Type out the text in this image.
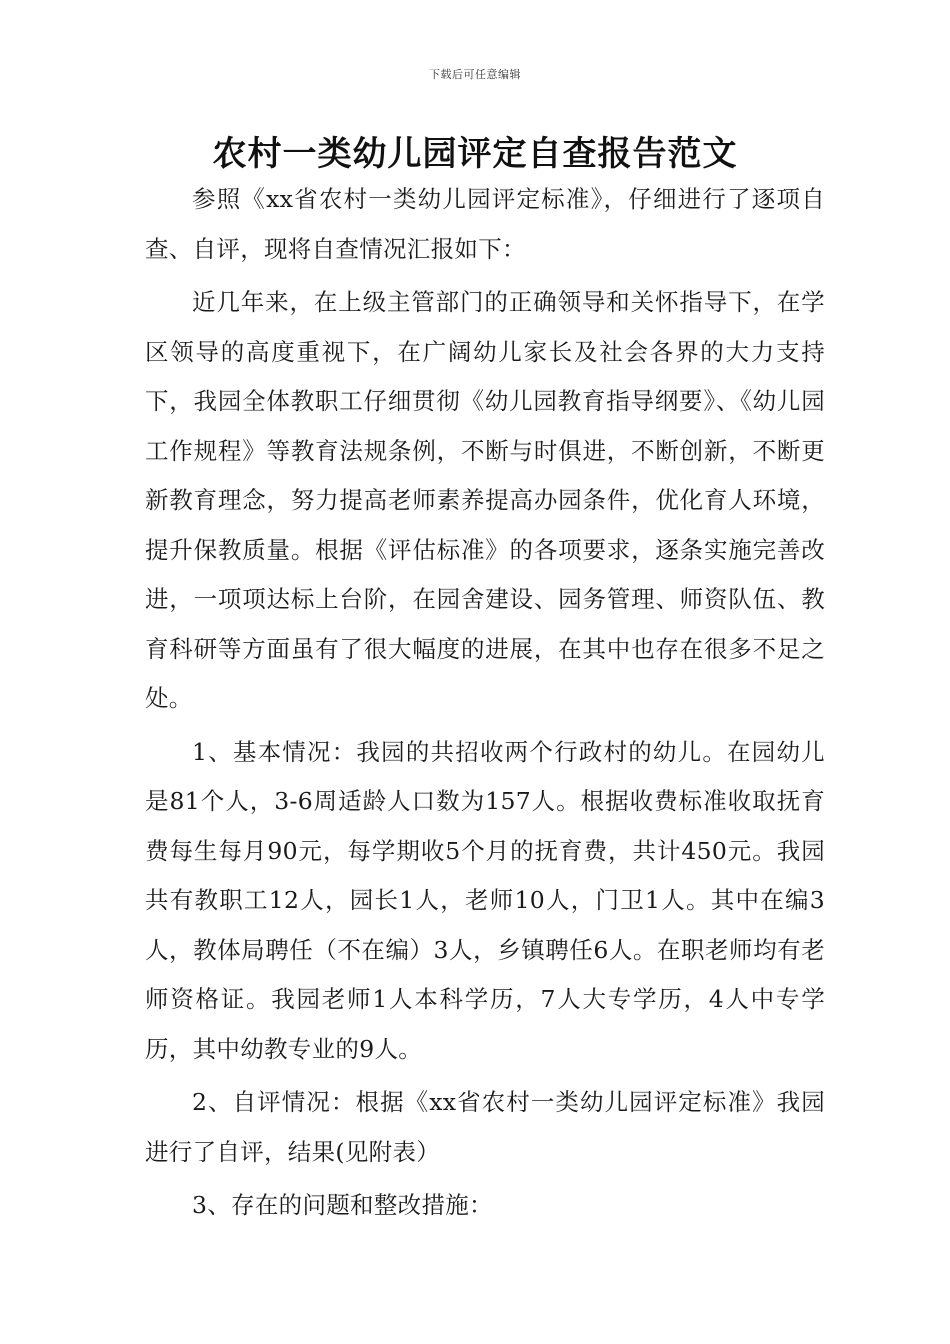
下载后可任意编辑
农村一类幼儿园评定自查报告范文

参照《xx省农村一类幼儿园评定标准》，仔细进行了逐项自查、自评，现将自查情况汇报如下：

近几年来，在上级主管部门的正确领导和关怀指导下，在学区领导的高度重视下，在广阔幼儿家长及社会各界的大力支持下，我园全体教职工仔细贯彻《幼儿园教育指导纲要》、《幼儿园工作规程》等教育法规条例，不断与时俱进，不断创新，不断更新教育理念，努力提高老师素养提高办园条件，优化育人环境，提升保教质量。根据《评估标准》的各项要求，逐条实施完善改进，一项项达标上台阶，在园舍建设、园务管理、师资队伍、教育科研等方面虽有了很大幅度的进展，在其中也存在很多不足之处。

1、基本情况：我园的共招收两个行政村的幼儿。在园幼儿是81个人，3-6周适龄人口数为157人。根据收费标准收取抚育费每生每月90元，每学期收5个月的抚育费，共计450元。我园共有教职工12人，园长1人，老师10人，门卫1人。其中在编3人，教体局聘任（不在编）3人，乡镇聘任6人。在职老师均有老师资格证。我园老师1人本科学历，7人大专学历，4人中专学历，其中幼教专业的9人。

2、自评情况：根据《xx省农村一类幼儿园评定标准》我园进行了自评，结果(见附表）

3、存在的问题和整改措施：
